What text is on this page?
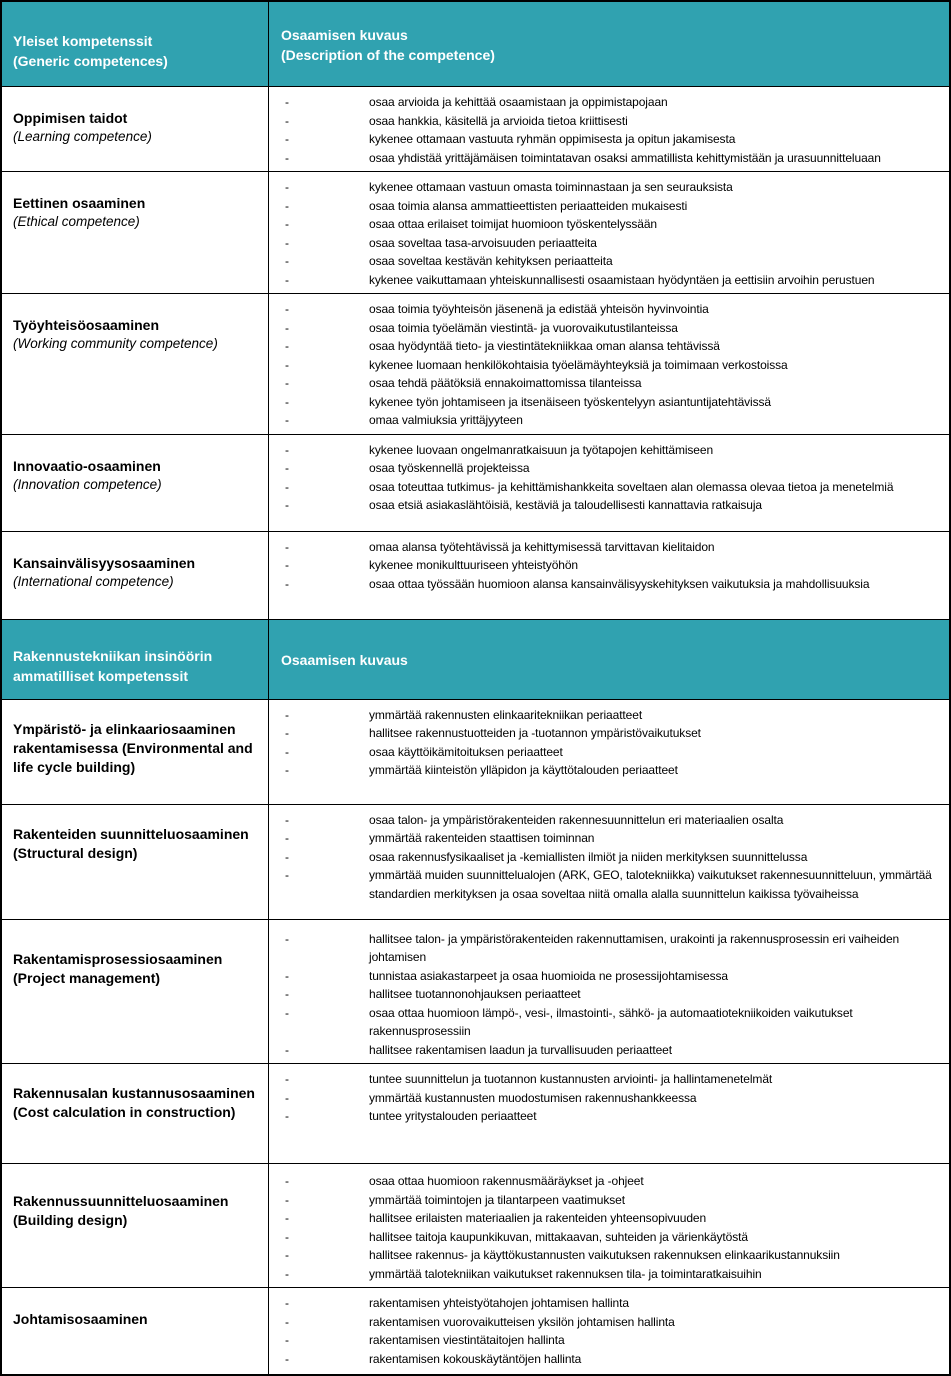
Yleiset kompetenssit
(Generic competences)
Osaamisen kuvaus
(Description of the competence)
Oppimisen taidot
(Learning competence)
-	osaa arvioida ja kehittää osaamistaan ja oppimistapojaan
-	osaa hankkia, käsitellä ja arvioida tietoa kriittisesti
-	kykenee ottamaan vastuuta ryhmän oppimisesta ja opitun jakamisesta
-	osaa yhdistää yrittäjämäisen toimintatavan osaksi ammatillista kehittymistään ja urasuunnitteluaan
Eettinen osaaminen
(Ethical competence)
-	kykenee ottamaan vastuun omasta toiminnastaan ja sen seurauksista
-	osaa toimia alansa ammattieettisten periaatteiden mukaisesti
-	osaa ottaa erilaiset toimijat huomioon työskentelyssään
-	osaa soveltaa tasa-arvoisuuden periaatteita
-	osaa soveltaa kestävän kehityksen periaatteita
-	kykenee vaikuttamaan yhteiskunnallisesti osaamistaan hyödyntäen ja eettisiin arvoihin perustuen
Työyhteisöosaaminen
(Working community competence)
-	osaa toimia työyhteisön jäsenenä ja edistää yhteisön hyvinvointia
-	osaa toimia työelämän viestintä- ja vuorovaikutustilanteissa
-	osaa hyödyntää tieto- ja viestintätekniikkaa oman alansa tehtävissä
-	kykenee luomaan henkilökohtaisia työelämäyhteyksiä ja toimimaan verkostoissa
-	osaa tehdä päätöksiä ennakoimattomissa tilanteissa
-	kykenee työn johtamiseen ja itsenäiseen työskentelyyn asiantuntijatehtävissä
-	omaa valmiuksia yrittäjyyteen
Innovaatio-osaaminen
(Innovation competence)
-	kykenee luovaan ongelmanratkaisuun ja työtapojen kehittämiseen
-	osaa työskennellä projekteissa
-	osaa toteuttaa tutkimus- ja kehittämishankkeita soveltaen alan olemassa olevaa tietoa ja menetelmiä
-	osaa etsiä asiakaslähtöisiä, kestäviä ja taloudellisesti kannattavia ratkaisuja
Kansainvälisyysosaaminen
(International competence)
-	omaa alansa työtehtävissä ja kehittymisessä tarvittavan kielitaidon
-	kykenee monikulttuuriseen yhteistyöhön
-	osaa ottaa työssään huomioon alansa kansainvälisyyskehityksen vaikutuksia ja mahdollisuuksia
Rakennustekniikan insinöörin
ammatilliset kompetenssit
Osaamisen kuvaus
Ympäristö- ja elinkaariosaaminen rakentamisessa (Environmental and life cycle building)
-	ymmärtää rakennusten elinkaaritekniikan periaatteet
-	hallitsee rakennustuotteiden ja -tuotannon ympäristövaikutukset
-	osaa käyttöikämitoituksen periaatteet
-	ymmärtää kiinteistön ylläpidon ja käyttötalouden periaatteet
Rakenteiden suunnitteluosaaminen (Structural design)
-	osaa talon- ja ympäristörakenteiden rakennesuunnittelun eri materiaalien osalta
-	ymmärtää rakenteiden staattisen toiminnan
-	osaa rakennusfysikaaliset ja -kemiallisten ilmiöt ja niiden merkityksen suunnittelussa
-	ymmärtää muiden suunnittelualojen (ARK, GEO, talotekniikka) vaikutukset rakennesuunnitteluun, ymmärtää standardien merkityksen ja osaa soveltaa niitä omalla alalla suunnittelun kaikissa työvaiheissa
Rakentamisprosessiosaaminen (Project management)
-	hallitsee talon- ja ympäristörakenteiden rakennuttamisen, urakointi ja rakennusprosessin eri vaiheiden johtamisen
-	tunnistaa asiakastarpeet ja osaa huomioida ne prosessijohtamisessa
-	hallitsee tuotannonohjauksen periaatteet
-	osaa ottaa huomioon lämpö-, vesi-, ilmastointi-, sähkö- ja automaatiotekniikoiden vaikutukset rakennusprosessiin
-	hallitsee rakentamisen laadun ja turvallisuuden periaatteet
Rakennusalan kustannusosaaminen (Cost calculation in construction)
-	tuntee suunnittelun ja tuotannon kustannusten arviointi- ja hallintamenetelmät
-	ymmärtää kustannusten muodostumisen rakennushankkeessa
-	tuntee yritystalouden periaatteet
Rakennussuunnitteluosaaminen (Building design)
-	osaa ottaa huomioon rakennusmääräykset ja -ohjeet
-	ymmärtää toimintojen ja tilantarpeen vaatimukset
-	hallitsee erilaisten materiaalien ja rakenteiden yhteensopivuuden
-	hallitsee taitoja kaupunkikuvan, mittakaavan, suhteiden ja värienkäytöstä
-	hallitsee rakennus- ja käyttökustannusten vaikutuksen rakennuksen elinkaarikustannuksiin
-	ymmärtää talotekniikan vaikutukset rakennuksen tila- ja toimintaratkaisuihin
Johtamisosaaminen
-	rakentamisen yhteistyötahojen johtamisen hallinta
-	rakentamisen vuorovaikutteisen yksilön johtamisen hallinta
-	rakentamisen viestintätaitojen hallinta
-	rakentamisen kokouskäytäntöjen hallinta
